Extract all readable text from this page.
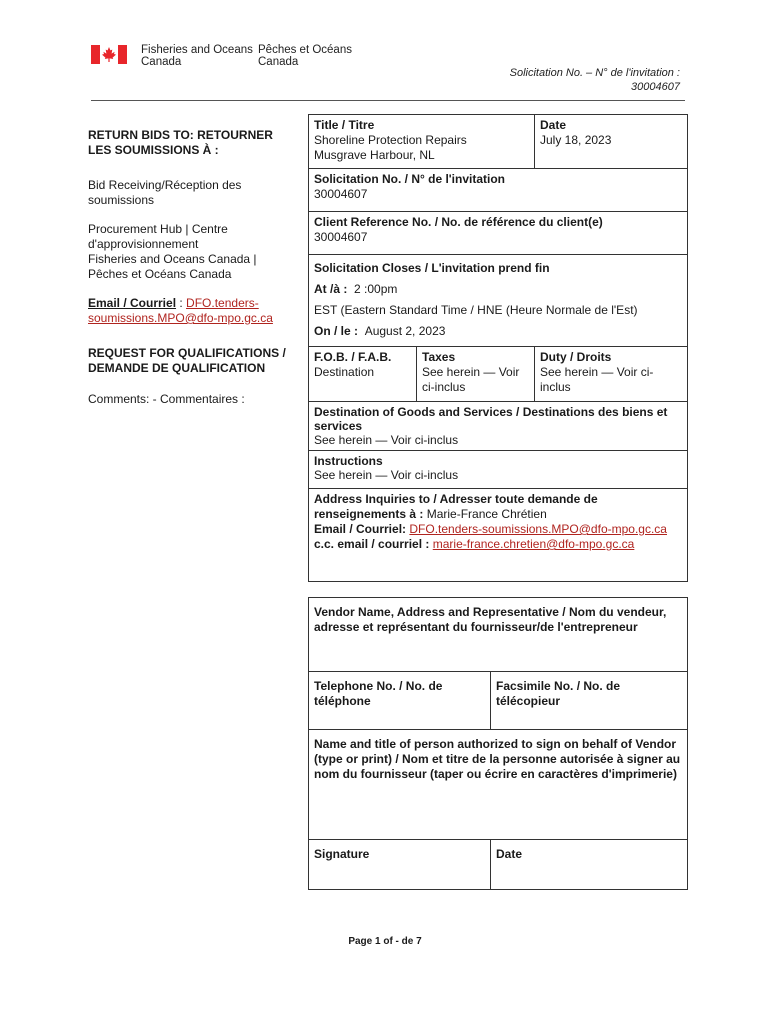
Fisheries and Oceans
Canada
Pêches et Océans
Canada
Solicitation No. – N° de l'invitation :
30004607

RETURN BIDS TO: RETOURNER LES SOUMISSIONS À :

Bid Receiving/Réception des soumissions

Procurement Hub | Centre d'approvisionnement

Fisheries and Oceans Canada | Pêches et Océans Canada

Email / Courriel : DFO.tenders-soumissions.MPO@dfo-mpo.gc.ca

REQUEST FOR QUALIFICATIONS / DEMANDE DE QUALIFICATION

Comments: - Commentaires :

Title / Titre
Shoreline Protection Repairs
Musgrave Harbour, NL
Date
July 18, 2023
Solicitation No. / N° de l'invitation
30004607
Client Reference No. / No. de référence du client(e)
30004607
Solicitation Closes / L'invitation prend fin
At /à : 2 :00pm
EST (Eastern Standard Time / HNE (Heure Normale de l'Est)
On / le : August 2, 2023
F.O.B. / F.A.B.
Destination
Taxes
See herein — Voir ci-inclus
Duty / Droits
See herein — Voir ci-inclus
Destination of Goods and Services / Destinations des biens et services
See herein — Voir ci-inclus
Instructions
See herein — Voir ci-inclus
Address Inquiries to / Adresser toute demande de renseignements à : Marie-France Chrétien
Email / Courriel: DFO.tenders-soumissions.MPO@dfo-mpo.gc.ca
c.c. email / courriel : marie-france.chretien@dfo-mpo.gc.ca
Vendor Name, Address and Representative / Nom du vendeur, adresse et représentant du fournisseur/de l'entrepreneur
Telephone No. / No. de téléphone
Facsimile No. / No. de télécopieur
Name and title of person authorized to sign on behalf of Vendor (type or print) / Nom et titre de la personne autorisée à signer au nom du fournisseur (taper ou écrire en caractères d'imprimerie)
Signature	Date
Page 1 of - de 7
